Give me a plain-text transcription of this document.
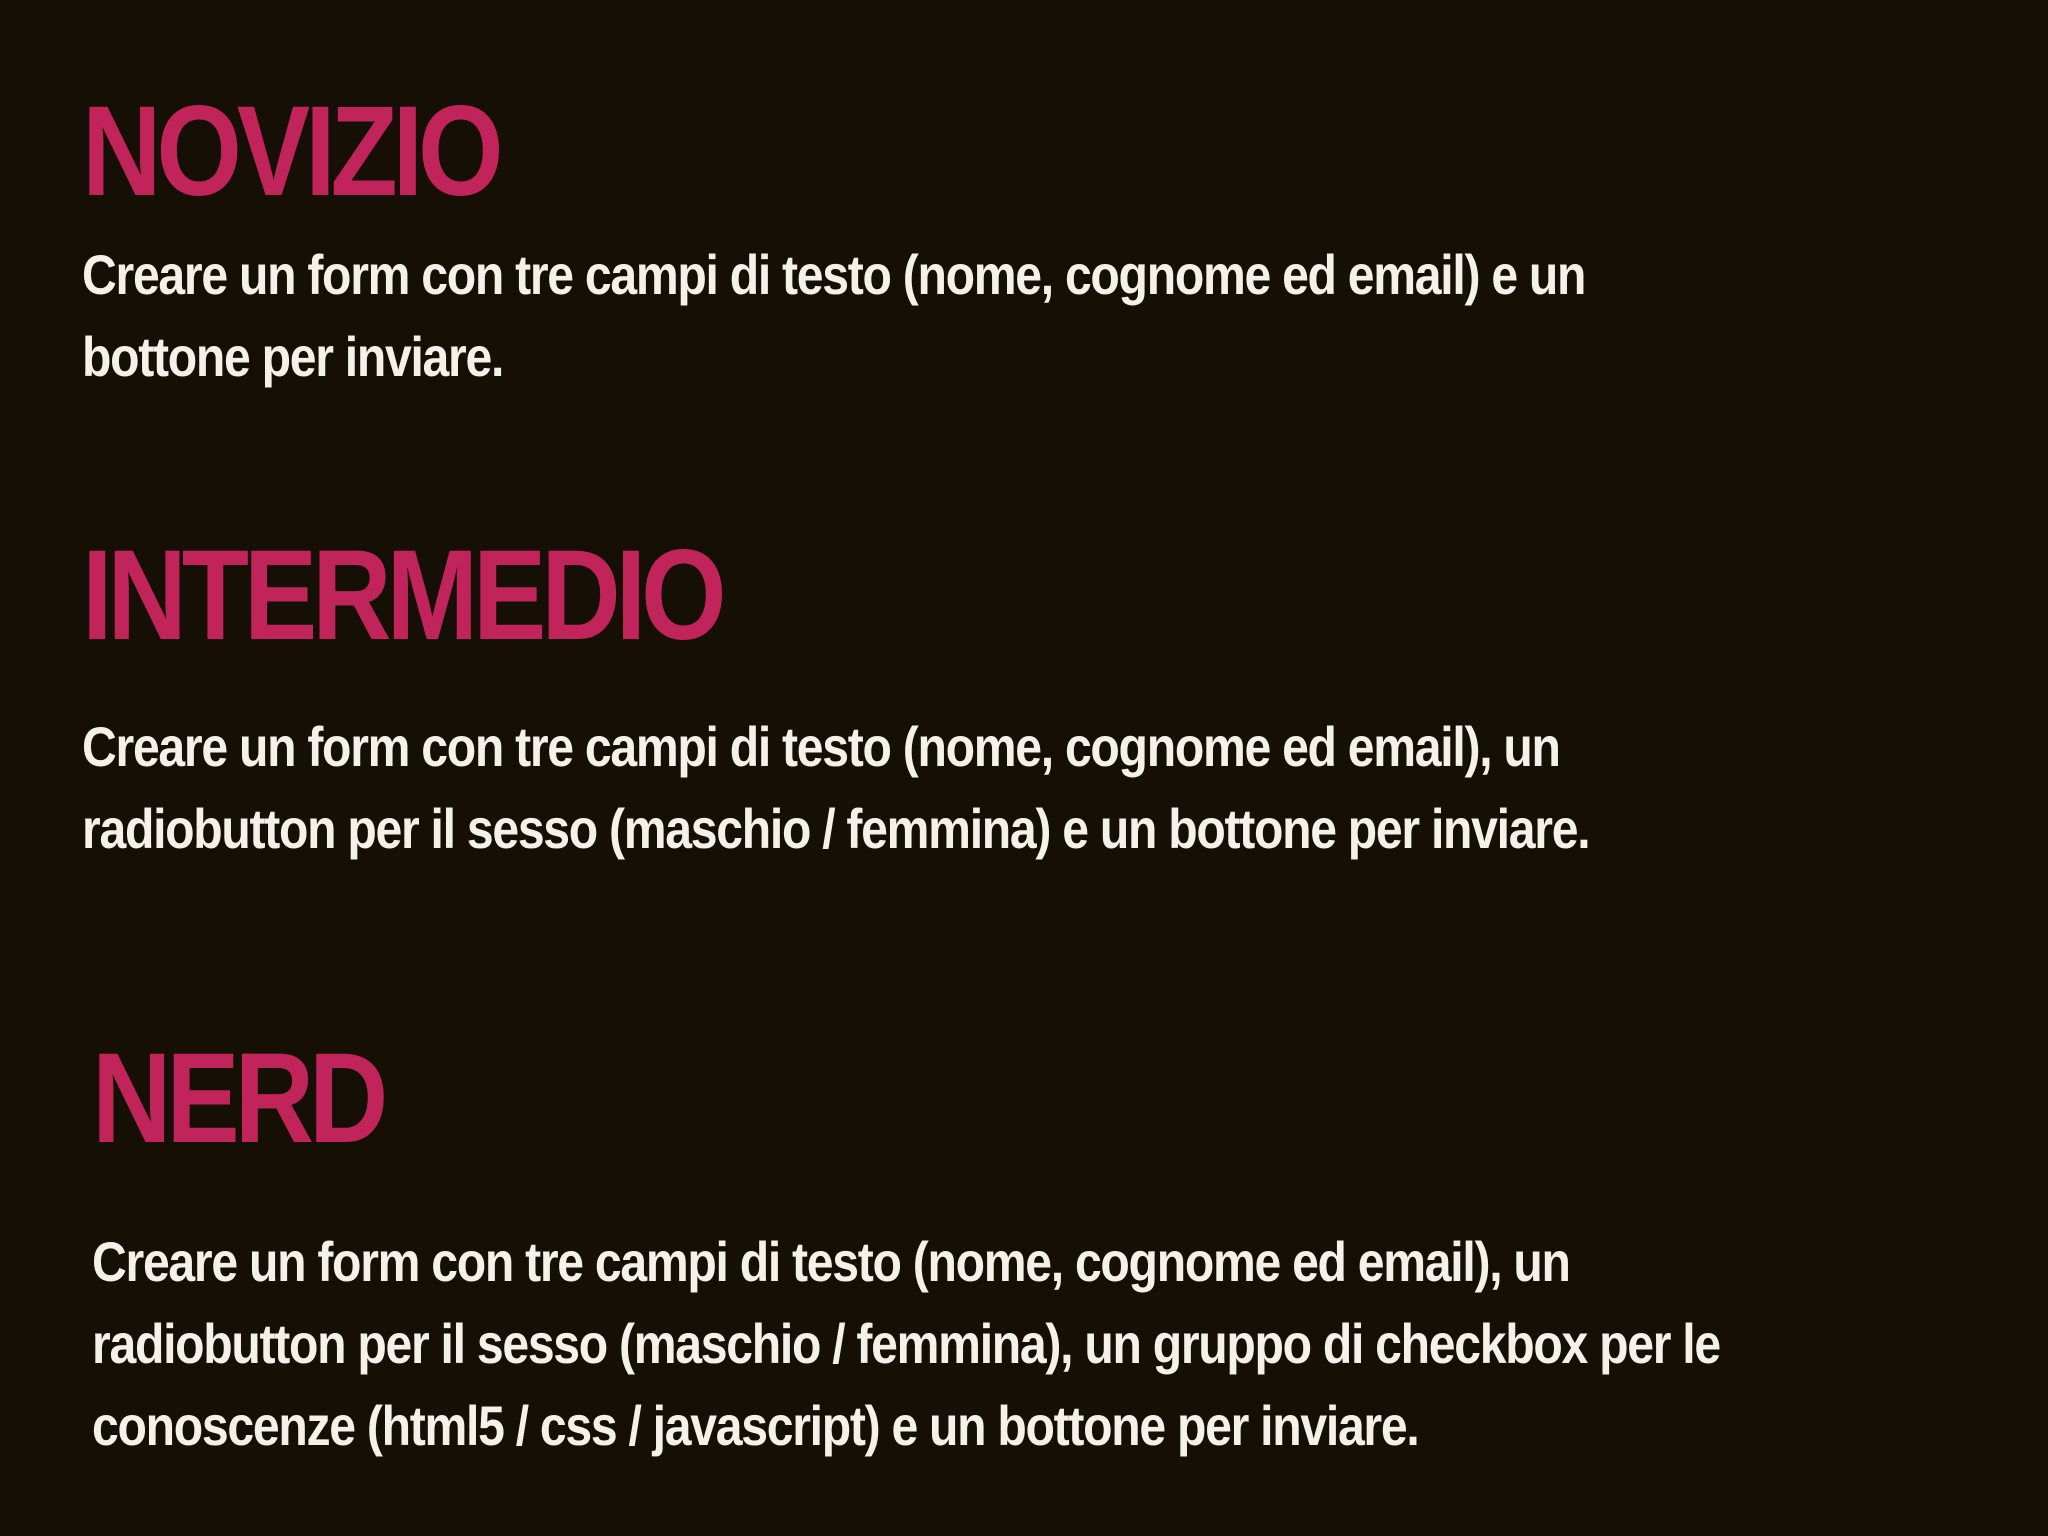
NOVIZIO

Creare un form con tre campi di testo (nome, cognome ed email) e un
bottone per inviare.

INTERMEDIO

Creare un form con tre campi di testo (nome, cognome ed email), un
radiobutton per il sesso (maschio / femmina) e un bottone per inviare.

NERD

Creare un form con tre campi di testo (nome, cognome ed email), un
radiobutton per il sesso (maschio / femmina), un gruppo di checkbox per le
conoscenze (html5 / css / javascript) e un bottone per inviare.
